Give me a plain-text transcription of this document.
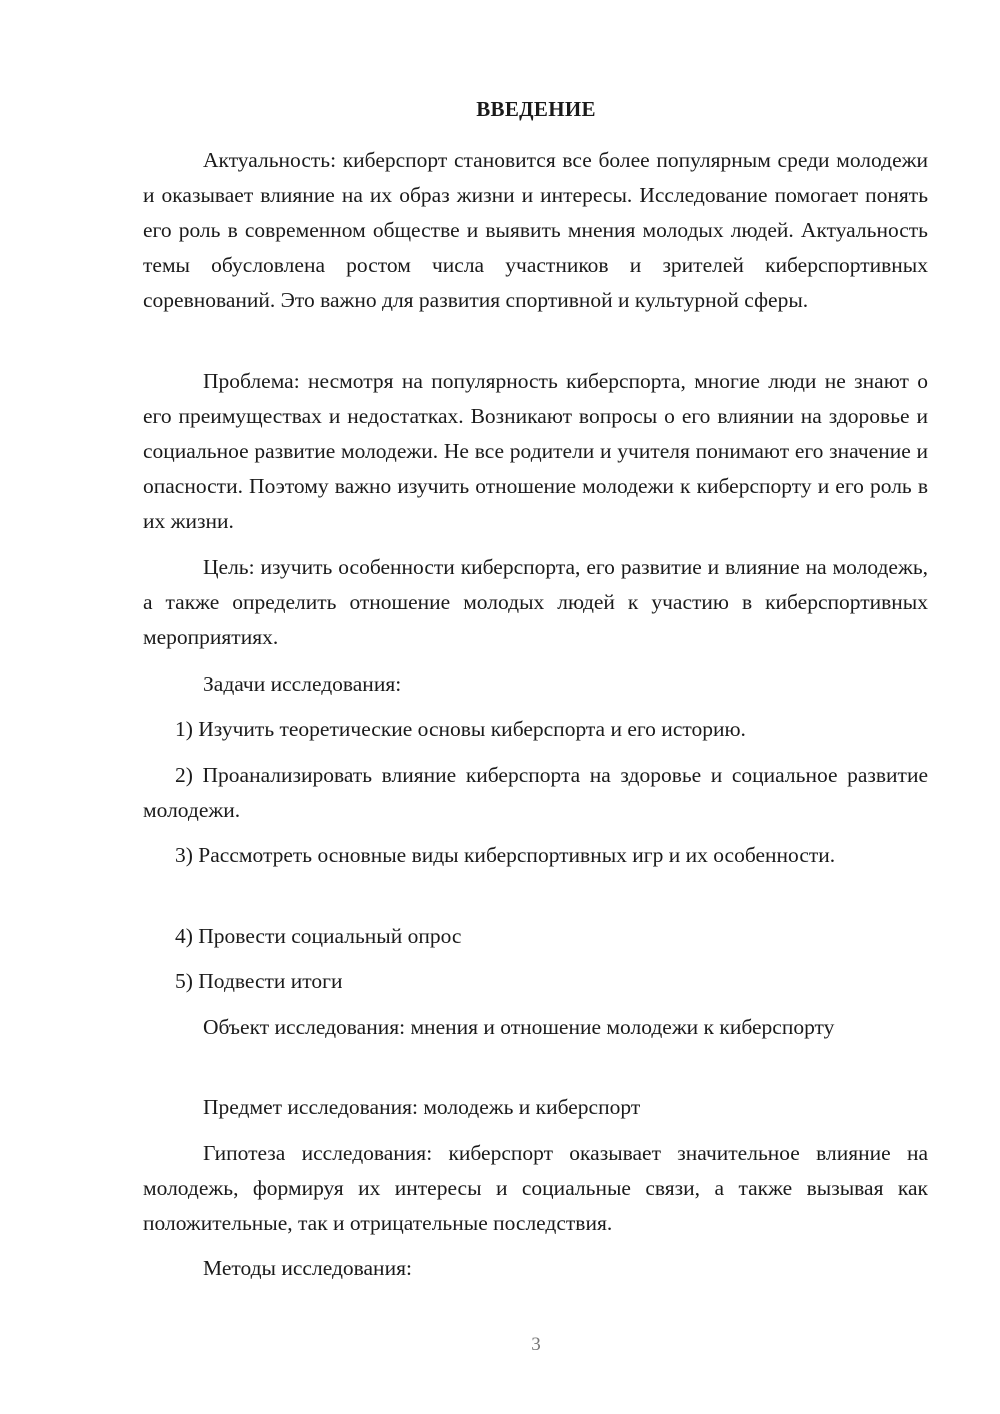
ВВЕДЕНИЕ

Актуальность: киберспорт становится все более популярным среди молодежи и оказывает влияние на их образ жизни и интересы. Исследование помогает понять его роль в современном обществе и выявить мнения молодых людей. Актуальность темы обусловлена ростом числа участников и зрителей киберспортивных соревнований. Это важно для развития спортивной и культурной сферы.

Проблема: несмотря на популярность киберспорта, многие люди не знают о его преимуществах и недостатках. Возникают вопросы о его влиянии на здоровье и социальное развитие молодежи. Не все родители и учителя понимают его значение и опасности. Поэтому важно изучить отношение молодежи к киберспорту и его роль в их жизни.

Цель: изучить особенности киберспорта, его развитие и влияние на молодежь, а также определить отношение молодых людей к участию в киберспортивных мероприятиях.

Задачи исследования:

1) Изучить теоретические основы киберспорта и его историю.

2) Проанализировать влияние киберспорта на здоровье и социальное развитие молодежи.

3) Рассмотреть основные виды киберспортивных игр и их особенности.

4) Провести социальный опрос

5) Подвести итоги

Объект исследования: мнения и отношение молодежи к киберспорту

Предмет исследования: молодежь и киберспорт

Гипотеза исследования: киберспорт оказывает значительное влияние на молодежь, формируя их интересы и социальные связи, а также вызывая как положительные, так и отрицательные последствия.

Методы исследования:

3
